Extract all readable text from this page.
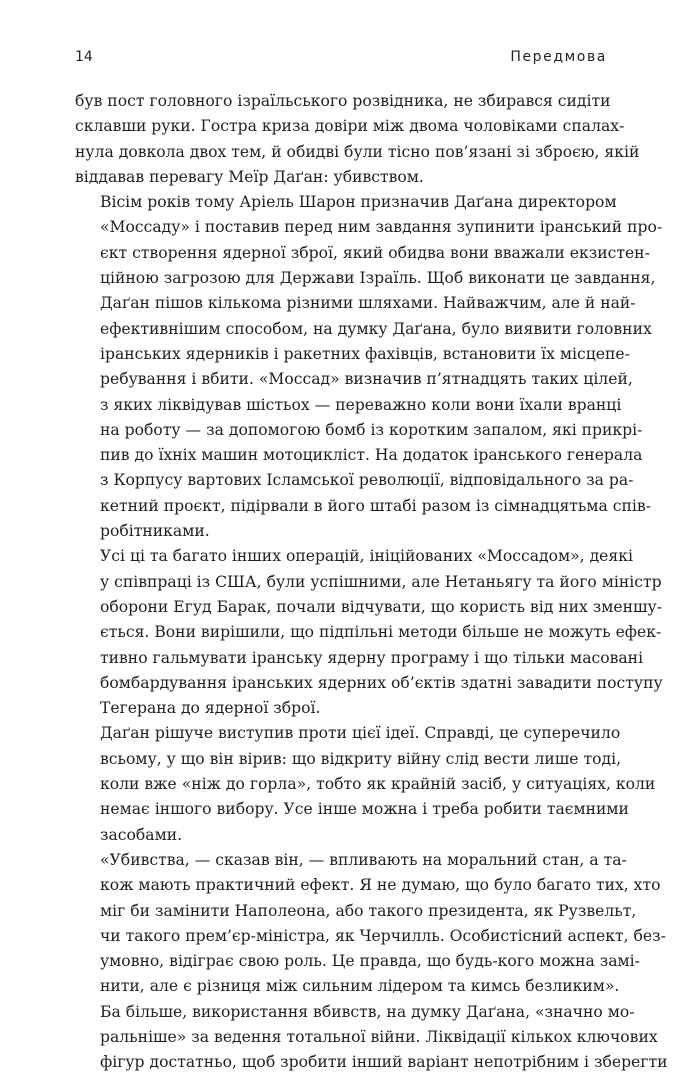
14	Передмова

був пост головного ізраїльського розвідника, не збирався сидіти
склавши руки. Гостра криза довіри між двома чоловіками спалах-
нула довкола двох тем, й обидві були тісно пов’язані зі зброєю, якій
віддавав перевагу Меїр Даґан: убивством.

Вісім років тому Аріель Шарон призначив Даґана директором
«Моссаду» і поставив перед ним завдання зупинити іранський про-
єкт створення ядерної зброї, який обидва вони вважали екзистен-
ційною загрозою для Держави Ізраїль. Щоб виконати це завдання,
Даґан пішов кількома різними шляхами. Найважчим, але й най-
ефективнішим способом, на думку Даґана, було виявити головних
іранських ядерників і ракетних фахівців, встановити їх місцепе-
ребування і вбити. «Моссад» визначив п’ятнадцять таких цілей,
з яких ліквідував шістьох — переважно коли вони їхали вранці
на роботу — за допомогою бомб із коротким запалом, які прикрі-
пив до їхніх машин мотоцикліст. На додаток іранського генерала
з Корпусу вартових Ісламської революції, відповідального за ра-
кетний проєкт, підірвали в його штабі разом із сімнадцятьма спів-
робітниками.

Усі ці та багато інших операцій, ініційованих «Моссадом», деякі
у співпраці із США, були успішними, але Нетаньягу та його міністр
оборони Егуд Барак, почали відчувати, що користь від них зменшу-
ється. Вони вирішили, що підпільні методи більше не можуть ефек-
тивно гальмувати іранську ядерну програму і що тільки масовані
бомбардування іранських ядерних об’єктів здатні завадити поступу
Тегерана до ядерної зброї.

Даґан рішуче виступив проти цієї ідеї. Справді, це суперечило
всьому, у що він вірив: що відкриту війну слід вести лише тоді,
коли вже «ніж до горла», тобто як крайній засіб, у ситуаціях, коли
немає іншого вибору. Усе інше можна і треба робити таємними
засобами.

«Убивства, — сказав він, — впливають на моральний стан, а та-
кож мають практичний ефект. Я не думаю, що було багато тих, хто
міг би замінити Наполеона, або такого президента, як Рузвельт,
чи такого прем’єр-міністра, як Черчилль. Особистісний аспект, без-
умовно, відіграє свою роль. Це правда, що будь-кого можна замі-
нити, але є різниця між сильним лідером та кимсь безликим».

Ба більше, використання вбивств, на думку Даґана, «значно мо-
ральніше» за ведення тотальної війни. Ліквідації кількох ключових
фігур достатньо, щоб зробити інший варіант непотрібним і зберегти
